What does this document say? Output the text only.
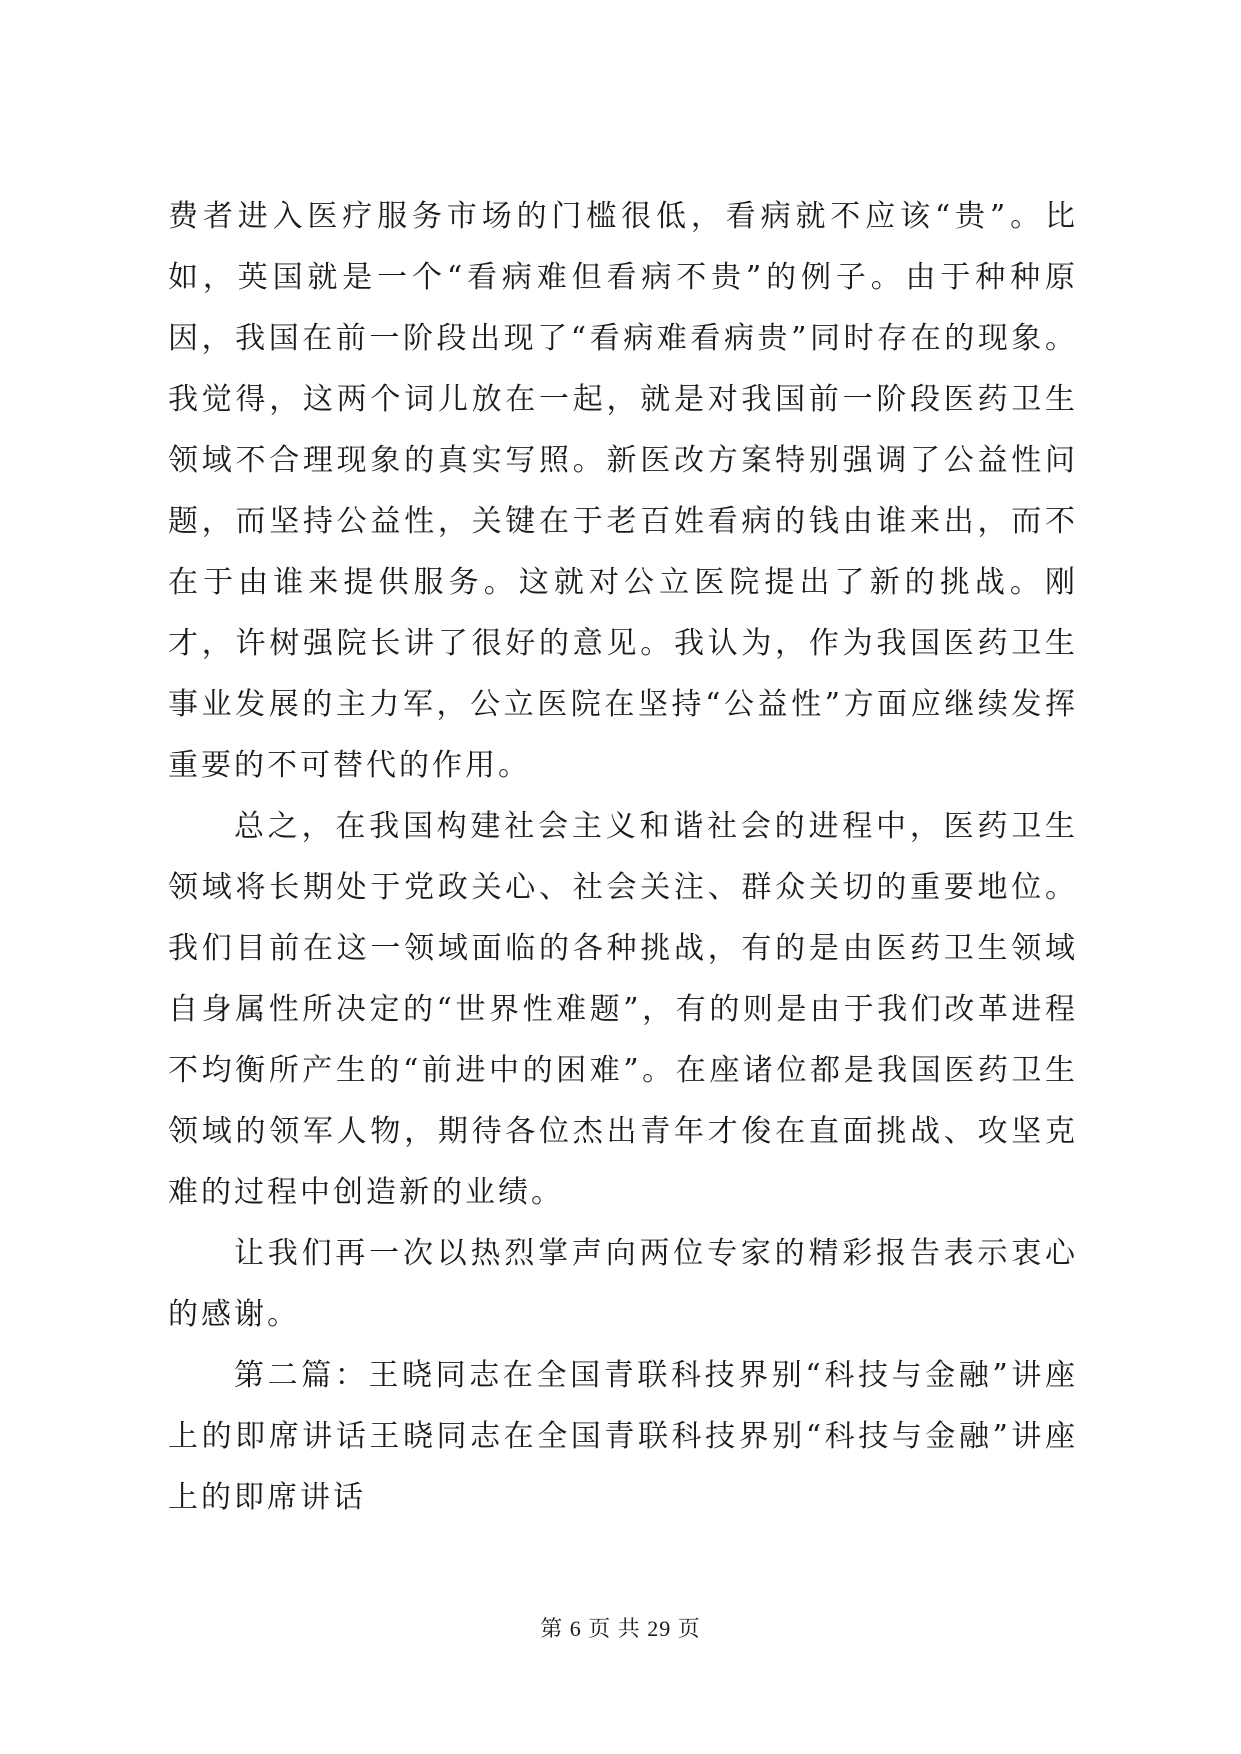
费者进入医疗服务市场的门槛很低，看病就不应该“贵”。比如，英国就是一个“看病难但看病不贵”的例子。由于种种原因，我国在前一阶段出现了“看病难看病贵”同时存在的现象。我觉得，这两个词儿放在一起，就是对我国前一阶段医药卫生领域不合理现象的真实写照。新医改方案特别强调了公益性问题，而坚持公益性，关键在于老百姓看病的钱由谁来出，而不在于由谁来提供服务。这就对公立医院提出了新的挑战。刚才，许树强院长讲了很好的意见。我认为，作为我国医药卫生事业发展的主力军，公立医院在坚持“公益性”方面应继续发挥重要的不可替代的作用。

总之，在我国构建社会主义和谐社会的进程中，医药卫生领域将长期处于党政关心、社会关注、群众关切的重要地位。我们目前在这一领域面临的各种挑战，有的是由医药卫生领域自身属性所决定的“世界性难题”，有的则是由于我们改革进程不均衡所产生的“前进中的困难”。在座诸位都是我国医药卫生领域的领军人物，期待各位杰出青年才俊在直面挑战、攻坚克难的过程中创造新的业绩。

让我们再一次以热烈掌声向两位专家的精彩报告表示衷心的感谢。

第二篇：王晓同志在全国青联科技界别“科技与金融”讲座上的即席讲话王晓同志在全国青联科技界别“科技与金融”讲座上的即席讲话

第 6 页 共 29 页
